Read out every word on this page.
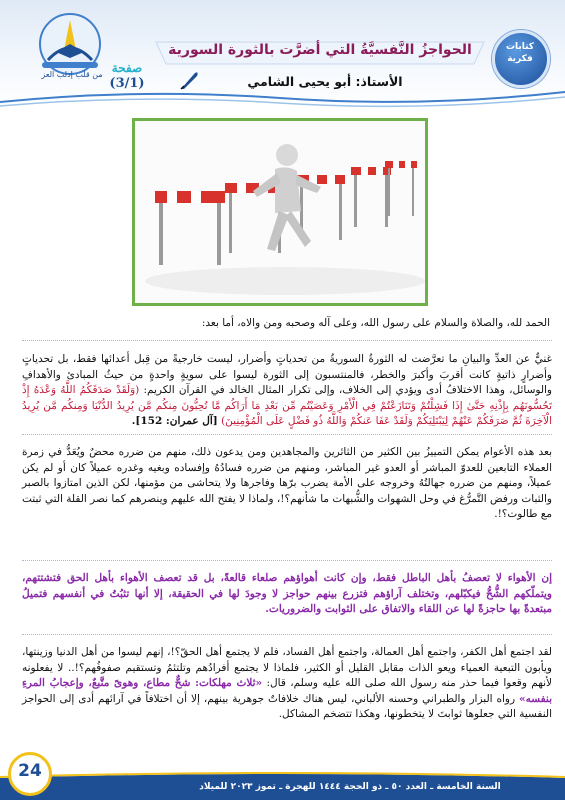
من قلب إدلب العز صفحة
(3/1)
الحواجزُ النَّفسيَّةُ التي أضرَّت بالثورة السورية
الأستاذ: أبو يحيى الشامي
كتابات
فكرية
الحمد لله، والصلاة والسلام على رسول الله، وعلى آله وصحبه ومن والاه، أما بعد:
غنيٌّ عن العدِّ والبيانِ ما تعرَّضت له الثورةُ السوريةُ من تحدياتٍ وأضرار، ليست خارجيةً من قِبل أعدائها فقط، بل تحدياتٍ وأضرارٍ ذاتيةٍ كانت أقربَ وأكبرَ والخطر، فالمنتسبون إلى الثورة ليسوا على سويةٍ واحدةٍ من حيثُ المبادئ والأهدافِ والوسائل، وهذا الاختلافُ أدى ويؤدي إلى الخلاف، وإلى تكرار المثال الخالد في القرآن الكريم: (وَلَقَدْ صَدَقَكُمُ اللَّهُ وَعْدَهُ إِذْ تَحُسُّونَهُم بِإِذْنِهِ حَتَّىٰ إِذَا فَشِلْتُمْ وَتَنَازَعْتُمْ فِي الْأَمْرِ وَعَصَيْتُم مِّن بَعْدِ مَا أَرَاكُم مَّا تُحِبُّونَ مِنكُم مَّن يُرِيدُ الدُّنْيَا وَمِنكُم مَّن يُرِيدُ الْآخِرَةَ ثُمَّ صَرَفَكُمْ عَنْهُمْ لِيَبْتَلِيَكُمْ وَلَقَدْ عَفَا عَنكُمْ وَاللَّهُ ذُو فَضْلٍ عَلَى الْمُؤْمِنِينَ) [آل عمران: 152].
بعد هذه الأعوام يمكن التمييزُ بين الكثير من الثائرين والمجاهدين ومن يدعون ذلك، منهم من ضرره محضٌ ويُعَدُّ في زمرة العملاء التابعين للعدوّ المباشر أو العدو غير المباشر، ومنهم من ضرره فسادُهُ وإفساده وبغيه وغدره عميلاً كان أو لم يكن عميلاً، ومنهم من ضرره جهالتُهُ وخروجه على الأمة يضرب برّها وفاجرها ولا يتحاشى من مؤمنها، لكن الذين امتازوا بالصبر والثبات ورفض التَّمرُّغ في وحل الشهوات والشُّبهات ما شأنهم؟!، ولماذا لا يفتح الله عليهم وينصرهم كما نصر القلة التي ثبتت مع طالوت؟!.
إن الأهواء لا تعصفُ بأهل الباطل فقط، وإن كانت أهواؤهم صلعاء قالعةً، بل قد تعصف الأهواء بأهل الحق فتشتتهم، ويتملّكهم الشُّحُّ فيكبّلهم، وتختلف آراؤهم فتزرع بينهم حواجز لا وجودَ لها في الحقيقة، إلا أنها تثبُتُ في أنفسهم فتميلُ مبتعدةً بها حاجزةً لها عن اللقاء والاتفاق على الثوابت والضروريات.
لقد اجتمع أهل الكفر، واجتمع أهل العمالة، واجتمع أهل الفساد، فلم لا يجتمع أهل الحقّ؟!، إنهم ليسوا من أهل الدنيا وزينتها، ويأبون التبعية العمياء ويعو الذات مقابل القليل أو الكثير، فلماذا لا يجتمع أفرادُهم وتلتئمُ وتستقيم صفوفُهم؟!.. لا يفعلونه لأنهم وقعوا فيما حذر منه رسول الله صلى الله عليه وسلم، قال: «ثلاث مهلكات: شحٌّ مطاع، وهوىً متَّبعٌ، وإعجابُ المرءِ بنفسه» رواه البزار والطبراني وحسنه الألباني، ليس هناك خلافاتٌ جوهرية بينهم، إلا أن اختلافاً في آرائهم أدى إلى الحواجز النفسية التي جعلوها ثوابتَ لا يتخطونها، وهكذا تتضخم المشاكل.
السنة الخامسة ـ العدد ٥٠ ـ ذو الحجة ١٤٤٤ للهجرة ـ تموز ٢٠٢٣ للميلاد
24
